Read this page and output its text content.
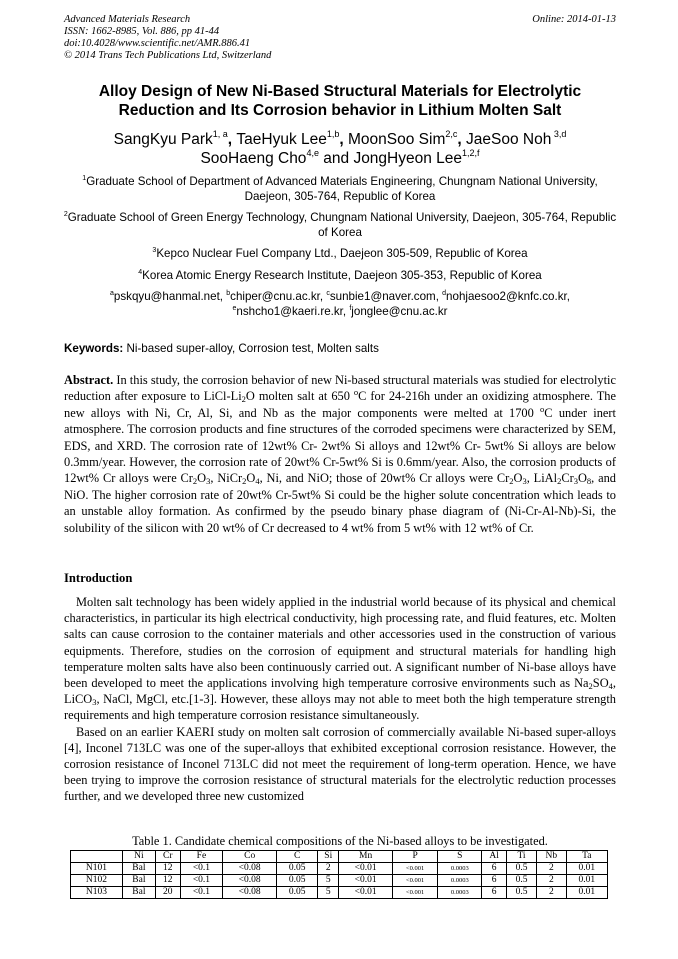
Advanced Materials Research	Online: 2014-01-13
ISSN: 1662-8985, Vol. 886, pp 41-44
doi:10.4028/www.scientific.net/AMR.886.41
© 2014 Trans Tech Publications Ltd, Switzerland
Alloy Design of New Ni-Based Structural Materials for Electrolytic
Reduction and Its Corrosion behavior in Lithium Molten Salt
SangKyu Park$^{1, a}$, TaeHyuk Lee$^{1,b}$, MoonSoo Sim$^{2,c}$, JaeSoo Noh $^{3,d}$
SooHaeng Cho$^{4,e}$ and JongHyeon Lee$^{1,2,f}$
$^1$Graduate School of Department of Advanced Materials Engineering, Chungnam National University, Daejeon, 305-764, Republic of Korea
$^2$Graduate School of Green Energy Technology, Chungnam National University, Daejeon, 305-764, Republic of Korea
$^3$Kepco Nuclear Fuel Company Ltd., Daejeon 305-509, Republic of Korea
$^4$Korea Atomic Energy Research Institute, Daejeon 305-353, Republic of Korea
$^a$pskqyu@hanmal.net, $^b$chiper@cnu.ac.kr, $^c$sunbie1@naver.com, $^d$nohjaesoo2@knfc.co.kr,
$^e$nshcho1@kaeri.re.kr, $^f$jonglee@cnu.ac.kr
Keywords: Ni-based super-alloy, Corrosion test, Molten salts
Abstract. In this study, the corrosion behavior of new Ni-based structural materials was studied for electrolytic reduction after exposure to LiCl-$Li_2O$ molten salt at 650 $^o$C for 24-216h under an oxidizing atmosphere. The new alloys with Ni, Cr, Al, Si, and Nb as the major components were melted at 1700 $^o$C under inert atmosphere. The corrosion products and fine structures of the corroded specimens were characterized by SEM, EDS, and XRD. The corrosion rate of 12wt% Cr- 2wt% Si alloys and 12wt% Cr- 5wt% Si alloys are below 0.3mm/year. However, the corrosion rate of 20wt% Cr-5wt% Si is 0.6mm/year. Also, the corrosion products of 12wt% Cr alloys were $Cr_2O_3$, $NiCr_2O_4$, Ni, and NiO; those of 20wt% Cr alloys were $Cr_2O_3$, $LiAl_2Cr_3O_8$, and NiO. The higher corrosion rate of 20wt% Cr-5wt% Si could be the higher solute concentration which leads to an unstable alloy formation. As confirmed by the pseudo binary phase diagram of (Ni-Cr-Al-Nb)-Si, the solubility of the silicon with 20 wt% of Cr decreased to 4 wt% from 5 wt% with 12 wt% of Cr.
Introduction

Molten salt technology has been widely applied in the industrial world because of its physical and chemical characteristics, in particular its high electrical conductivity, high processing rate, and fluid features, etc. Molten salts can cause corrosion to the container materials and other accessories used in the construction of various equipments. Therefore, studies on the corrosion of equipment and structural materials for handling high temperature molten salts have also been continuously carried out. A significant number of Ni-base alloys have been developed to meet the applications involving high temperature corrosive environments such as $Na_2SO_4$, LiCO$_3$, NaCl, MgCl, etc.[1-3]. However, these alloys may not able to meet both the high temperature strength requirements and high temperature corrosion resistance simultaneously.

Based on an earlier KAERI study on molten salt corrosion of commercially available Ni-based super-alloys [4], Inconel 713LC was one of the super-alloys that exhibited exceptional corrosion resistance. However, the corrosion resistance of Inconel 713LC did not meet the requirement of long-term operation. Hence, we have been trying to improve the corrosion resistance of structural materials for the electrolytic reduction processes further, and we developed three new customized

Table 1. Candidate chemical compositions of the Ni-based alloys to be investigated.
	Ni	Cr	Fe	Co	C	Si	Mn	P	S	Al	Ti	Nb	Ta
N101	Bal	12	<0.1	<0.08	0.05	2	<0.01	<0.001	0.0003	6	0.5	2	0.01
N102	Bal	12	<0.1	<0.08	0.05	5	<0.01	<0.001	0.0003	6	0.5	2	0.01
N103	Bal	20	<0.1	<0.08	0.05	5	<0.01	<0.001	0.0003	6	0.5	2	0.01
